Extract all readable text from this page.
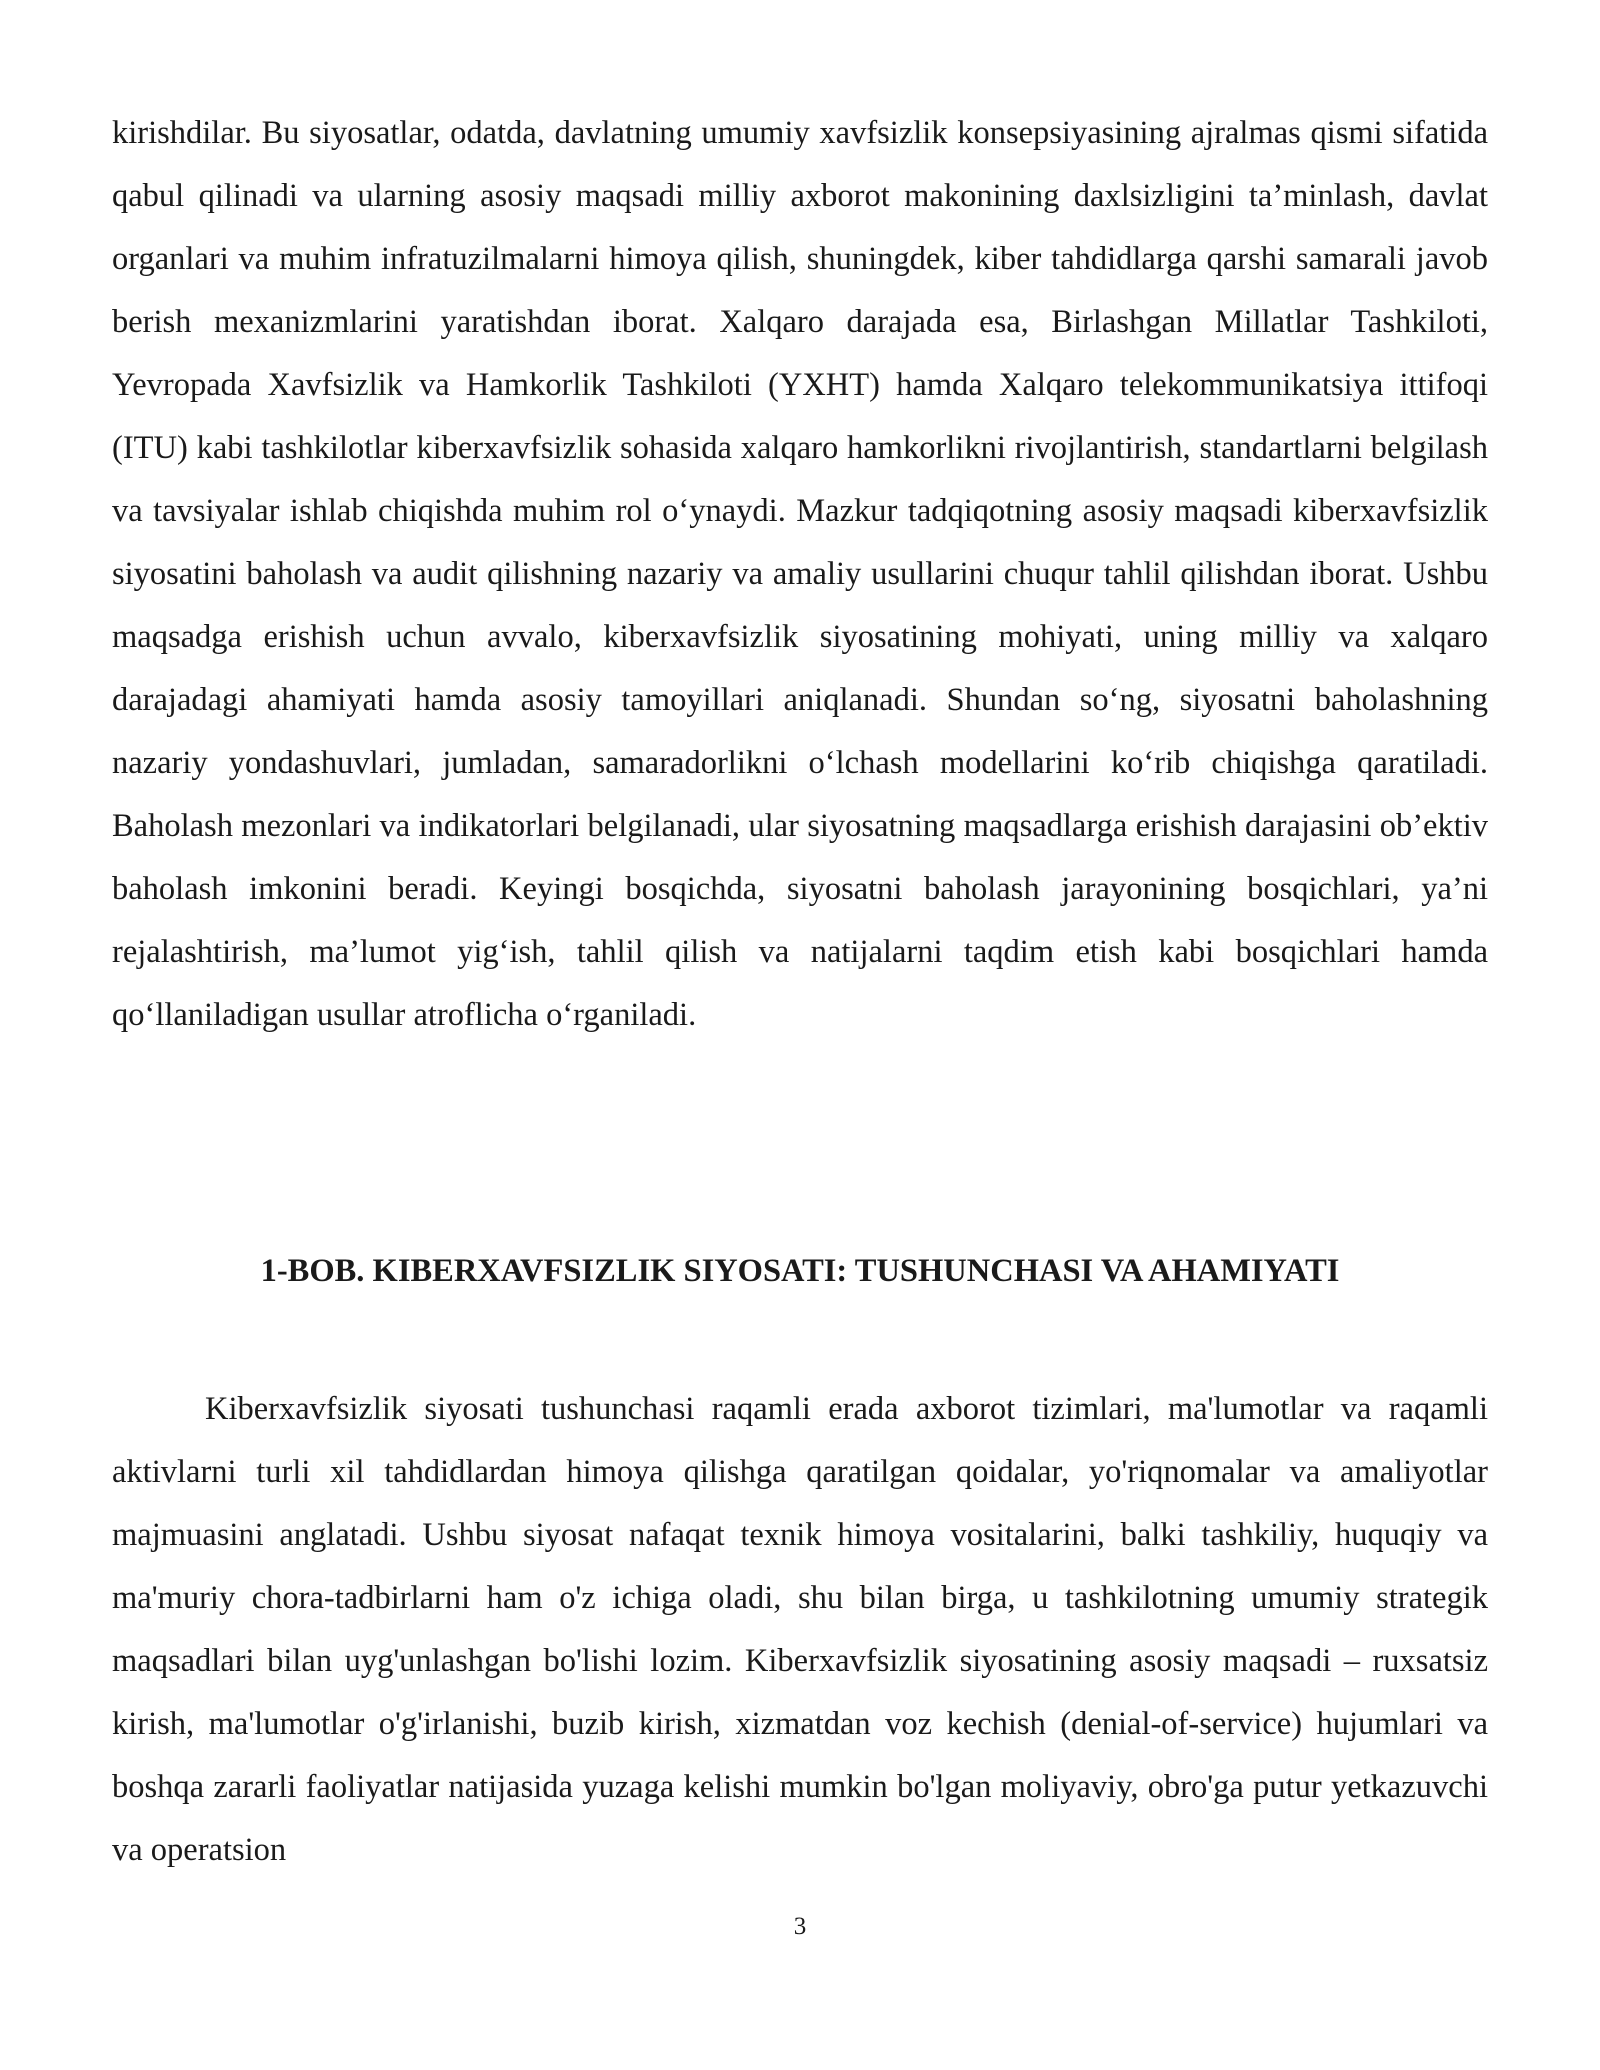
kirishdilar. Bu siyosatlar, odatda, davlatning umumiy xavfsizlik konsepsiyasining ajralmas qismi sifatida qabul qilinadi va ularning asosiy maqsadi milliy axborot makonining daxlsizligini ta’minlash, davlat organlari va muhim infratuzilmalarni himoya qilish, shuningdek, kiber tahdidlarga qarshi samarali javob berish mexanizmlarini yaratishdan iborat. Xalqaro darajada esa, Birlashgan Millatlar Tashkiloti, Yevropada Xavfsizlik va Hamkorlik Tashkiloti (YXHT) hamda Xalqaro telekommunikatsiya ittifoqi (ITU) kabi tashkilotlar kiberxavfsizlik sohasida xalqaro hamkorlikni rivojlantirish, standartlarni belgilash va tavsiyalar ishlab chiqishda muhim rol o‘ynaydi. Mazkur tadqiqotning asosiy maqsadi kiberxavfsizlik siyosatini baholash va audit qilishning nazariy va amaliy usullarini chuqur tahlil qilishdan iborat. Ushbu maqsadga erishish uchun avvalo, kiberxavfsizlik siyosatining mohiyati, uning milliy va xalqaro darajadagi ahamiyati hamda asosiy tamoyillari aniqlanadi. Shundan so‘ng, siyosatni baholashning nazariy yondashuvlari, jumladan, samaradorlikni o‘lchash modellarini ko‘rib chiqishga qaratiladi. Baholash mezonlari va indikatorlari belgilanadi, ular siyosatning maqsadlarga erishish darajasini ob’ektiv baholash imkonini beradi. Keyingi bosqichda, siyosatni baholash jarayonining bosqichlari, ya’ni rejalashtirish, ma’lumot yig‘ish, tahlil qilish va natijalarni taqdim etish kabi bosqichlari hamda qo‘llaniladigan usullar atroflicha o‘rganiladi.

1-BOB. KIBERXAVFSIZLIK SIYOSATI: TUSHUNCHASI VA AHAMIYATI

Kiberxavfsizlik siyosati tushunchasi raqamli erada axborot tizimlari, ma'lumotlar va raqamli aktivlarni turli xil tahdidlardan himoya qilishga qaratilgan qoidalar, yo'riqnomalar va amaliyotlar majmuasini anglatadi. Ushbu siyosat nafaqat texnik himoya vositalarini, balki tashkiliy, huquqiy va ma'muriy chora-tadbirlarni ham o'z ichiga oladi, shu bilan birga, u tashkilotning umumiy strategik maqsadlari bilan uyg'unlashgan bo'lishi lozim. Kiberxavfsizlik siyosatining asosiy maqsadi – ruxsatsiz kirish, ma'lumotlar o'g'irlanishi, buzib kirish, xizmatdan voz kechish (denial-of-service) hujumlari va boshqa zararli faoliyatlar natijasida yuzaga kelishi mumkin bo'lgan moliyaviy, obro'ga putur yetkazuvchi va operatsion

3
